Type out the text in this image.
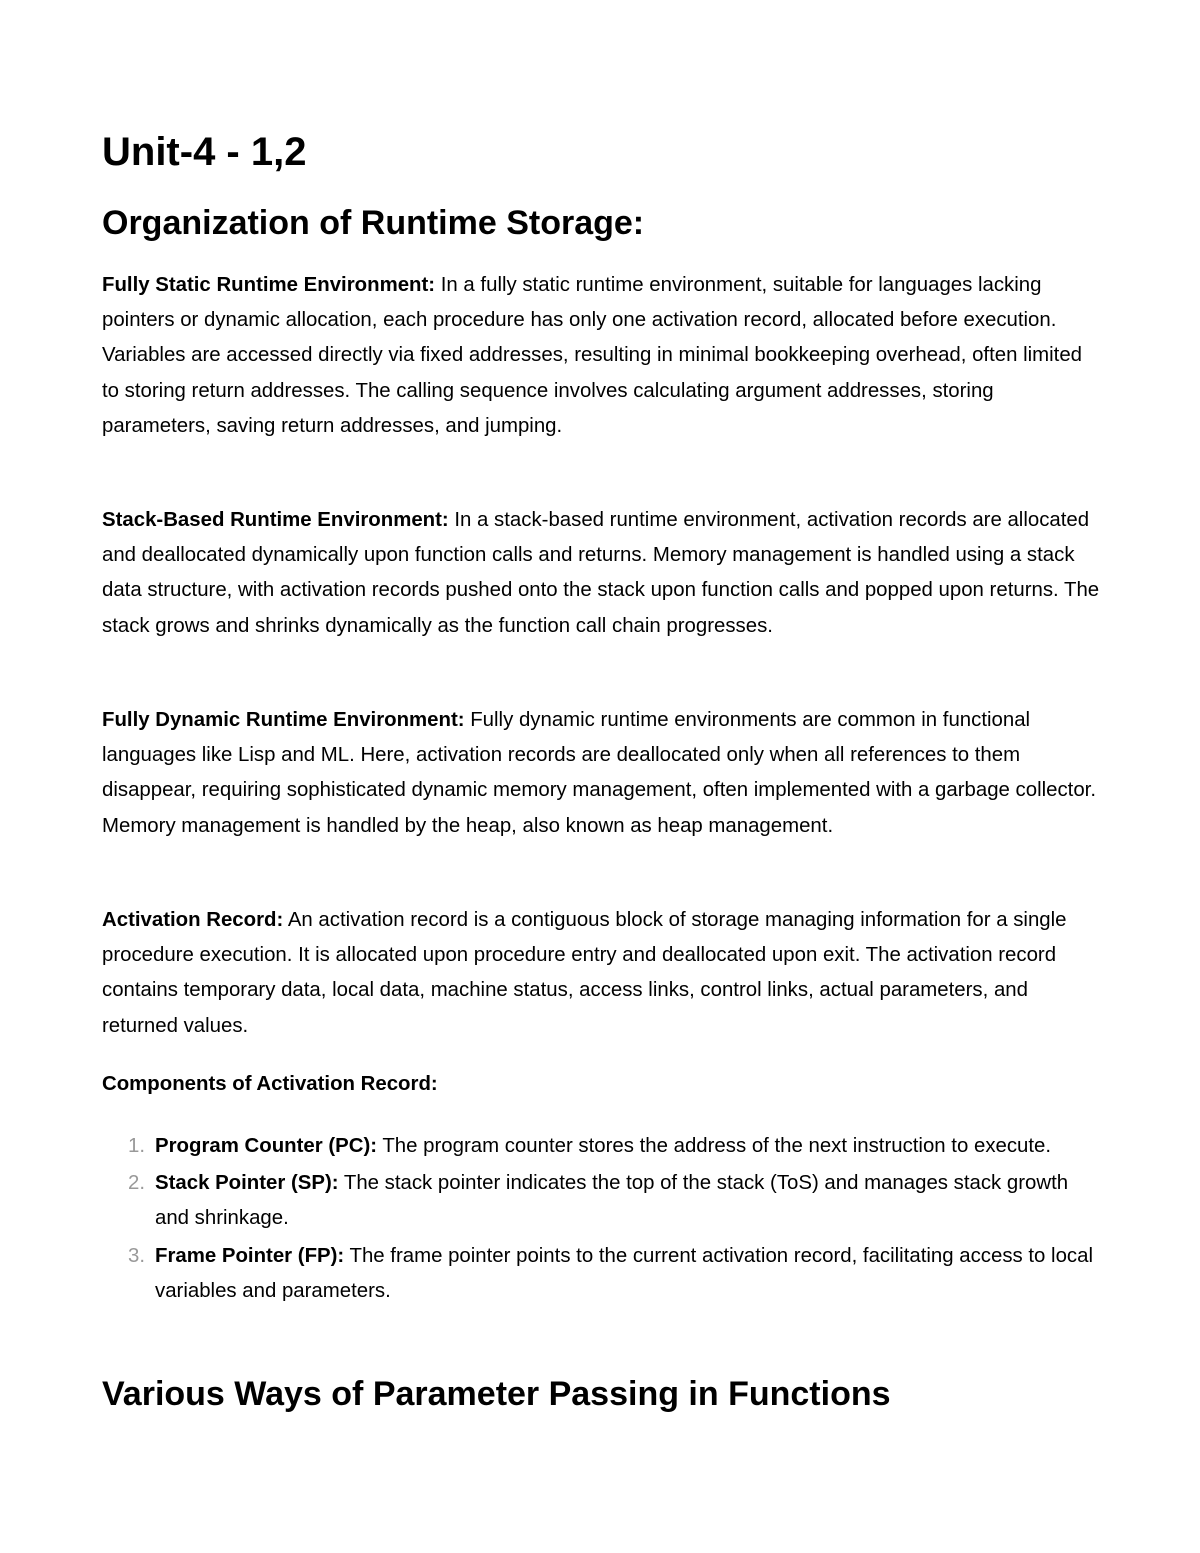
Unit-4 - 1,2
Organization of Runtime Storage:

Fully Static Runtime Environment: In a fully static runtime environment, suitable for languages lacking pointers or dynamic allocation, each procedure has only one activation record, allocated before execution. Variables are accessed directly via fixed addresses, resulting in minimal bookkeeping overhead, often limited to storing return addresses. The calling sequence involves calculating argument addresses, storing parameters, saving return addresses, and jumping.

Stack-Based Runtime Environment: In a stack-based runtime environment, activation records are allocated and deallocated dynamically upon function calls and returns. Memory management is handled using a stack data structure, with activation records pushed onto the stack upon function calls and popped upon returns. The stack grows and shrinks dynamically as the function call chain progresses.

Fully Dynamic Runtime Environment: Fully dynamic runtime environments are common in functional languages like Lisp and ML. Here, activation records are deallocated only when all references to them disappear, requiring sophisticated dynamic memory management, often implemented with a garbage collector. Memory management is handled by the heap, also known as heap management.

Activation Record: An activation record is a contiguous block of storage managing information for a single procedure execution. It is allocated upon procedure entry and deallocated upon exit. The activation record contains temporary data, local data, machine status, access links, control links, actual parameters, and returned values.

Components of Activation Record:

1. Program Counter (PC): The program counter stores the address of the next instruction to execute.
2. Stack Pointer (SP): The stack pointer indicates the top of the stack (ToS) and manages stack growth and shrinkage.
3. Frame Pointer (FP): The frame pointer points to the current activation record, facilitating access to local variables and parameters.
Various Ways of Parameter Passing in Functions
